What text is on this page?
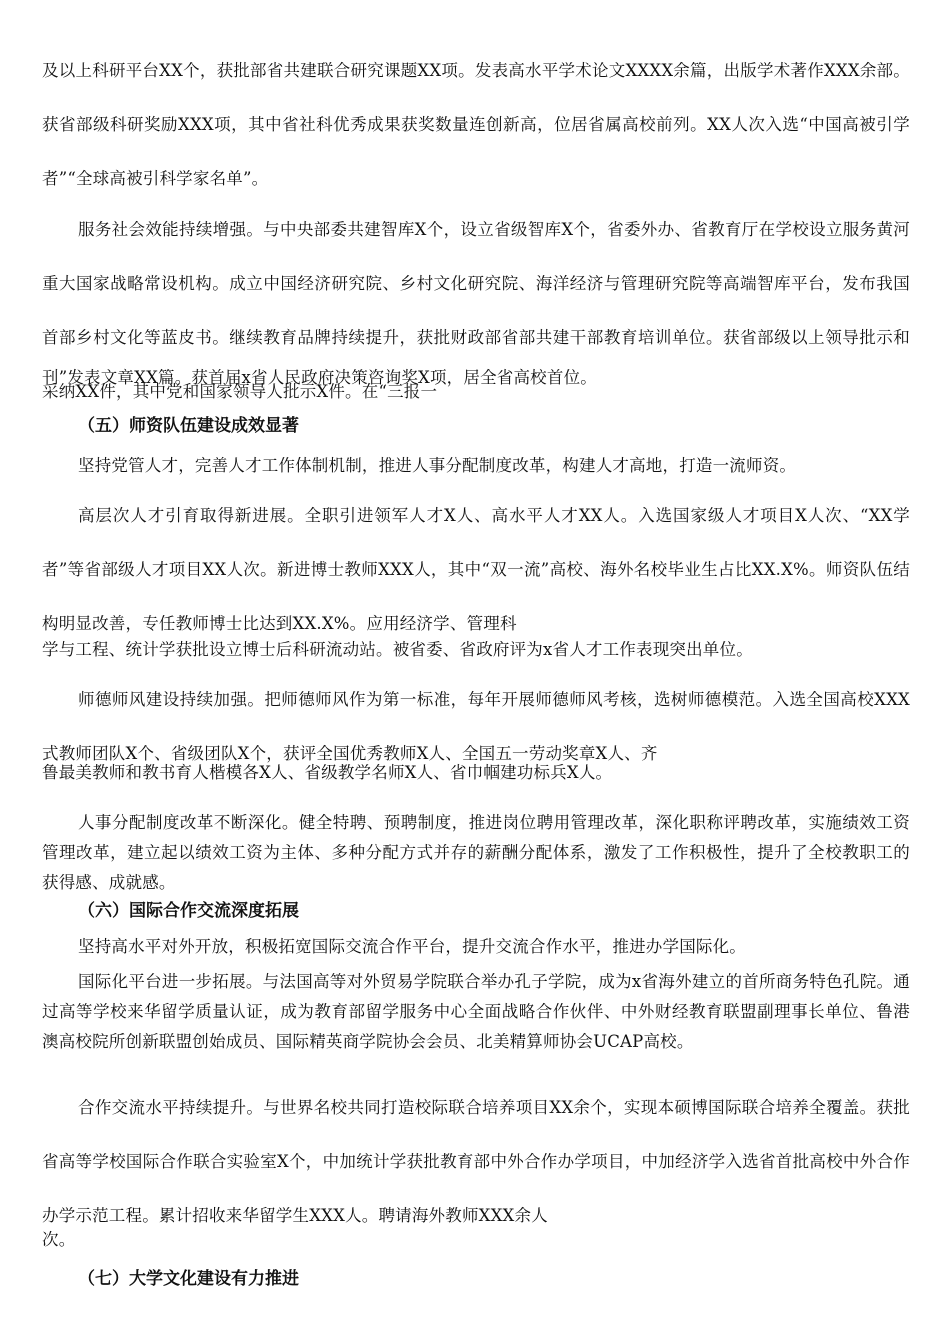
及以上科研平台XX个，获批部省共建联合研究课题XX项。发表高水平学术论文XXXX余篇，出版学术著作XXX余部。获省部级科研奖励XXX项，其中省社科优秀成果获奖数量连创新高，位居省属高校前列。XX人次入选“中国高被引学者”“全球高被引科学家名单”。

服务社会效能持续增强。与中央部委共建智库X个，设立省级智库X个，省委外办、省教育厅在学校设立服务黄河重大国家战略常设机构。成立中国经济研究院、乡村文化研究院、海洋经济与管理研究院等高端智库平台，发布我国首部乡村文化等蓝皮书。继续教育品牌持续提升，获批财政部省部共建干部教育培训单位。获省部级以上领导批示和采纳XX件，其中党和国家领导人批示X件。在“三报一

刊”发表文章XX篇。获首届x省人民政府决策咨询奖X项，居全省高校首位。

（五）师资队伍建设成效显著

坚持党管人才，完善人才工作体制机制，推进人事分配制度改革，构建人才高地，打造一流师资。

高层次人才引育取得新进展。全职引进领军人才X人、高水平人才XX人。入选国家级人才项目X人次、“XX学者”等省部级人才项目XX人次。新进博士教师XXX人，其中“双一流”高校、海外名校毕业生占比XX.X%。师资队伍结构明显改善，专任教师博士比达到XX.X%。应用经济学、管理科

学与工程、统计学获批设立博士后科研流动站。被省委、省政府评为x省人才工作表现突出单位。

师德师风建设持续加强。把师德师风作为第一标准，每年开展师德师风考核，选树师德模范。入选全国高校XXX式教师团队X个、省级团队X个，获评全国优秀教师X人、全国五一劳动奖章X人、齐

鲁最美教师和教书育人楷模各X人、省级教学名师X人、省巾帼建功标兵X人。

人事分配制度改革不断深化。健全特聘、预聘制度，推进岗位聘用管理改革，深化职称评聘改革，实施绩效工资管理改革，建立起以绩效工资为主体、多种分配方式并存的薪酬分配体系，激发了工作积极性，提升了全校教职工的获得感、成就感。

（六）国际合作交流深度拓展

坚持高水平对外开放，积极拓宽国际交流合作平台，提升交流合作水平，推进办学国际化。

国际化平台进一步拓展。与法国高等对外贸易学院联合举办孔子学院，成为x省海外建立的首所商务特色孔院。通过高等学校来华留学质量认证，成为教育部留学服务中心全面战略合作伙伴、中外财经教育联盟副理事长单位、鲁港澳高校院所创新联盟创始成员、国际精英商学院协会会员、北美精算师协会UCAP高校。

合作交流水平持续提升。与世界名校共同打造校际联合培养项目XX余个，实现本硕博国际联合培养全覆盖。获批省高等学校国际合作联合实验室X个，中加统计学获批教育部中外合作办学项目，中加经济学入选省首批高校中外合作办学示范工程。累计招收来华留学生XXX人。聘请海外教师XXX余人

次。

（七）大学文化建设有力推进
